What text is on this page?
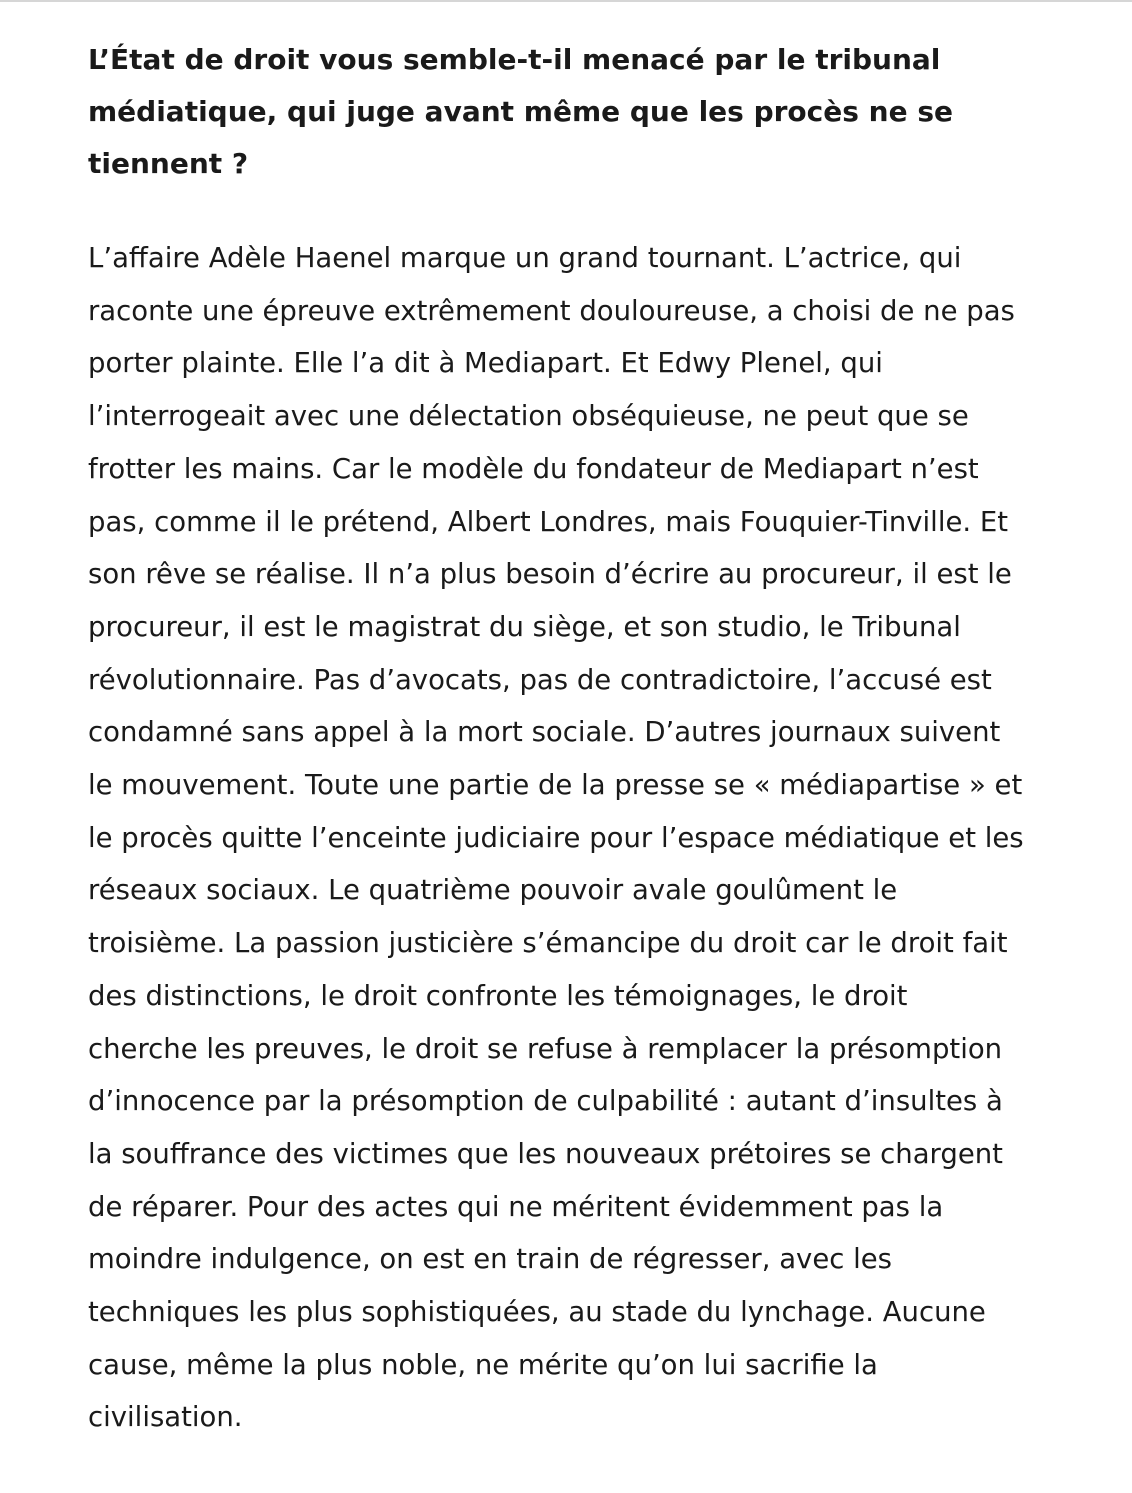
L’État de droit vous semble-t-il menacé par le tribunal
médiatique, qui juge avant même que les procès ne se
tiennent ?

L’affaire Adèle Haenel marque un grand tournant. L’actrice, qui
raconte une épreuve extrêmement douloureuse, a choisi de ne pas
porter plainte. Elle l’a dit à Mediapart. Et Edwy Plenel, qui
l’interrogeait avec une délectation obséquieuse, ne peut que se
frotter les mains. Car le modèle du fondateur de Mediapart n’est
pas, comme il le prétend, Albert Londres, mais Fouquier-Tinville. Et
son rêve se réalise. Il n’a plus besoin d’écrire au procureur, il est le
procureur, il est le magistrat du siège, et son studio, le Tribunal
révolutionnaire. Pas d’avocats, pas de contradictoire, l’accusé est
condamné sans appel à la mort sociale. D’autres journaux suivent
le mouvement. Toute une partie de la presse se « médiapartise » et
le procès quitte l’enceinte judiciaire pour l’espace médiatique et les
réseaux sociaux. Le quatrième pouvoir avale goulûment le
troisième. La passion justicière s’émancipe du droit car le droit fait
des distinctions, le droit confronte les témoignages, le droit
cherche les preuves, le droit se refuse à remplacer la présomption
d’innocence par la présomption de culpabilité : autant d’insultes à
la souffrance des victimes que les nouveaux prétoires se chargent
de réparer. Pour des actes qui ne méritent évidemment pas la
moindre indulgence, on est en train de régresser, avec les
techniques les plus sophistiquées, au stade du lynchage. Aucune
cause, même la plus noble, ne mérite qu’on lui sacrifie la
civilisation.
